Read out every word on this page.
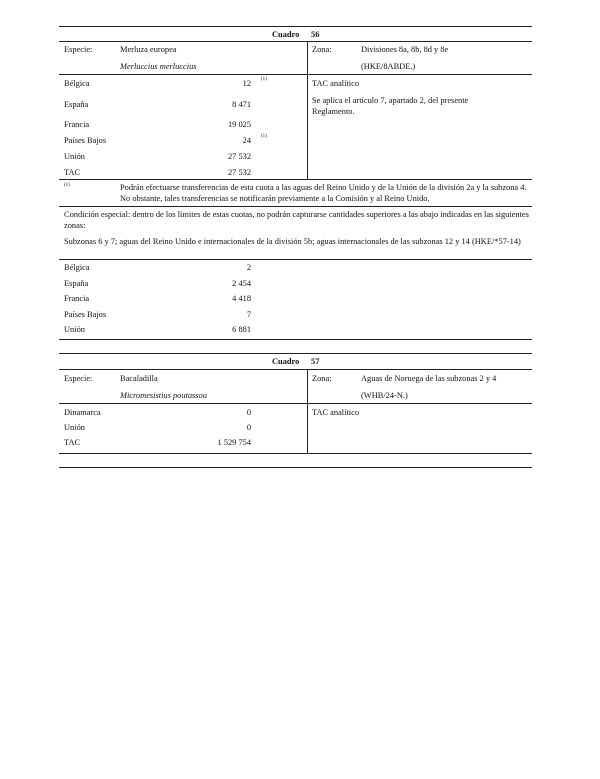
Cuadro 56
Especie:	Merluza europea
Merluccius merluccius
Zona:	Divisiones 8a, 8b, 8d y 8e
(HKE/8ABDE.)
Bélgica	12 (1)
España	8 471
Francia	19 025
Países Bajos	24 (1)
Unión	27 532
TAC	27 532
TAC analítico
Se aplica el artículo 7, apartado 2, del presente Reglamento.
(1)	Podrán efectuarse transferencias de esta cuota a las aguas del Reino Unido y de la Unión de la división 2a y la subzona 4. No obstante, tales transferencias se notificarán previamente a la Comisión y al Reino Unido.
Condición especial: dentro de los límites de estas cuotas, no podrán capturarse cantidades superiores a las abajo indicadas en las siguientes zonas:
Subzonas 6 y 7; aguas del Reino Unido e internacionales de la división 5b; aguas internacionales de las subzonas 12 y 14 (HKE/*57-14)
Bélgica	2
España	2 454
Francia	4 418
Países Bajos	7
Unión	6 881
Cuadro 57
Especie:	Bacaladilla
Micromesistius poutassou
Zona:	Aguas de Noruega de las subzonas 2 y 4
(WHB/24-N.)
Dinamarca	0
Unión	0
TAC	1 529 754
TAC analítico
